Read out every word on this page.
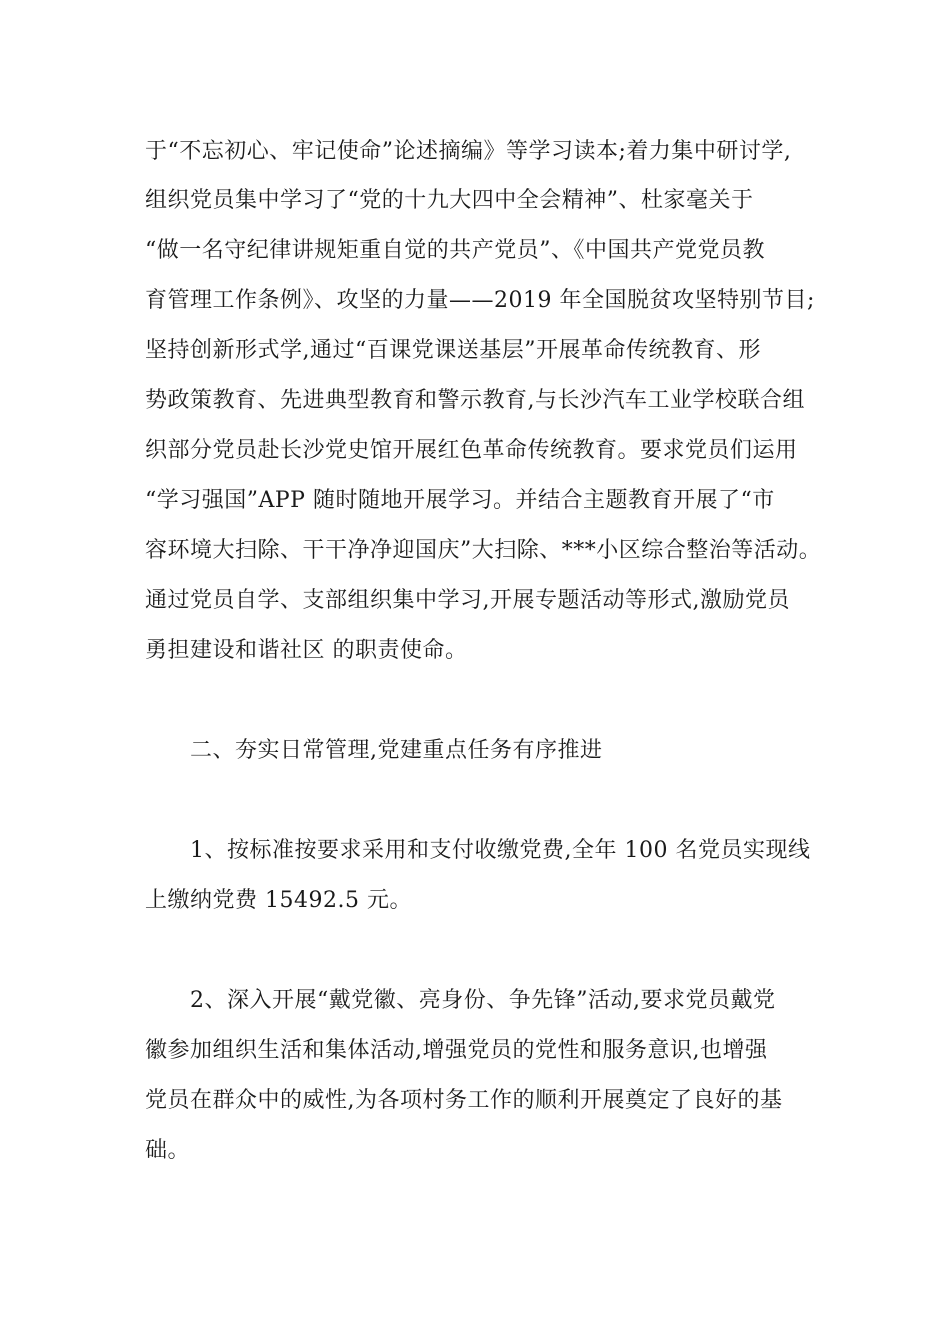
于“不忘初心、牢记使命”论述摘编》等学习读本;着力集中研讨学,
组织党员集中学习了“党的十九大四中全会精神”、杜家毫关于
“做一名守纪律讲规矩重自觉的共产党员”、《中国共产党党员教
育管理工作条例》、攻坚的力量——2019 年全国脱贫攻坚特别节目;
坚持创新形式学,通过“百课党课送基层”开展革命传统教育、形
势政策教育、先进典型教育和警示教育,与长沙汽车工业学校联合组
织部分党员赴长沙党史馆开展红色革命传统教育。要求党员们运用
“学习强国”APP 随时随地开展学习。并结合主题教育开展了“市
容环境大扫除、干干净净迎国庆”大扫除、***小区综合整治等活动。
通过党员自学、支部组织集中学习,开展专题活动等形式,激励党员
勇担建设和谐社区 的职责使命。
二、夯实日常管理,党建重点任务有序推进
1、按标准按要求采用和支付收缴党费,全年 100 名党员实现线
上缴纳党费 15492.5 元。
2、深入开展“戴党徽、亮身份、争先锋”活动,要求党员戴党
徽参加组织生活和集体活动,增强党员的党性和服务意识,也增强
党员在群众中的威性,为各项村务工作的顺利开展奠定了良好的基
础。
